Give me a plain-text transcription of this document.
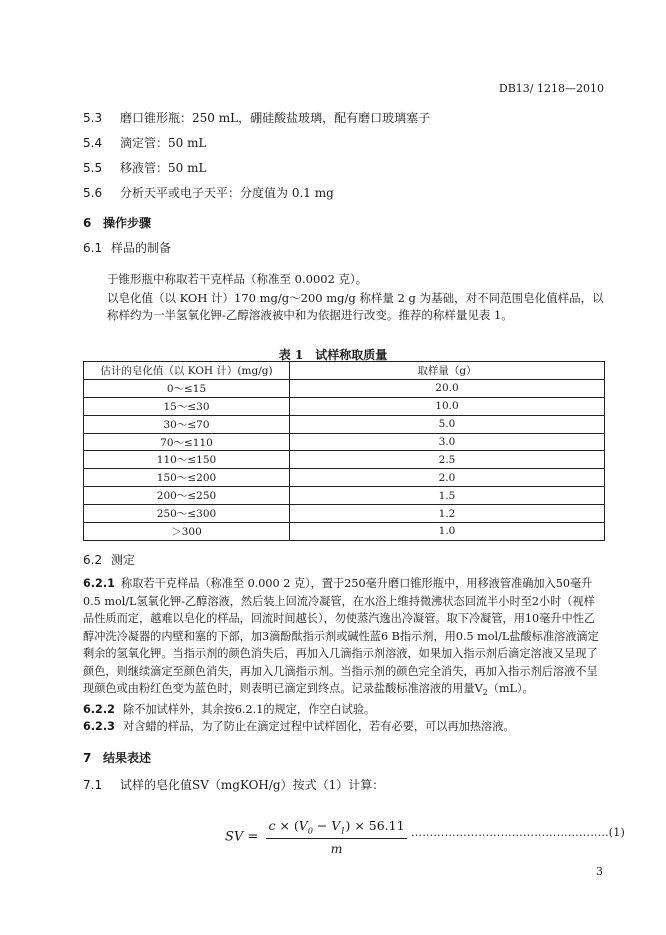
DB13/ 1218—2010
5.3 磨口锥形瓶：250 mL，硼硅酸盐玻璃，配有磨口玻璃塞子
5.4 滴定管：50 mL
5.5 移液管：50 mL
5.6 分析天平或电子天平：分度值为 0.1 mg
6 操作步骤
6.1 样品的制备
于锥形瓶中称取若干克样品（称准至 0.0002 克）。
以皂化值（以 KOH 计）170 mg/g～200 mg/g 称样量 2 g 为基础，对不同范围皂化值样品，以称样约为一半氢氧化钾-乙醇溶液被中和为依据进行改变。推荐的称样量见表 1。
表 1　试样称取质量
估计的皂化值（以 KOH 计）(mg/g)	取样量（g）
0～≤15	20.0
15～≤30	10.0
30～≤70	5.0
70～≤110	3.0
110～≤150	2.5
150～≤200	2.0
200～≤250	1.5
250～≤300	1.2
＞300	1.0
6.2 测定
6.2.1 称取若干克样品（称准至 0.000 2 克），置于250毫升磨口锥形瓶中，用移液管准确加入50毫升0.5 mol/L氢氧化钾-乙醇溶液，然后装上回流冷凝管，在水浴上维持微沸状态回流半小时至2小时（视样品性质而定，越难以皂化的样品，回流时间越长），勿使蒸汽逸出冷凝管。取下冷凝管，用10毫升中性乙醇冲洗冷凝器的内壁和塞的下部，加3滴酚酞指示剂或碱性蓝6 B指示剂，用0.5 mol/L盐酸标准溶液滴定剩余的氢氧化钾。当指示剂的颜色消失后，再加入几滴指示剂溶液，如果加入指示剂后滴定溶液又呈现了颜色，则继续滴定至颜色消失，再加入几滴指示剂。当指示剂的颜色完全消失，再加入指示剂后溶液不呈现颜色或由粉红色变为蓝色时，则表明已滴定到终点。记录盐酸标准溶液的用量$V_2(mL)$。
6.2.2 除不加试样外，其余按6.2.1的规定，作空白试验。
6.2.3 对含蜡的样品，为了防止在滴定过程中试样固化，若有必要，可以再加热溶液。
7 结果表述
7.1 试样的皂化值SV（mgKOH/g）按式（1）计算：
SV = $\frac{c \times (V_0 - V_1) \times 56.11}{m}$ ……………………………………………..(1)
3
